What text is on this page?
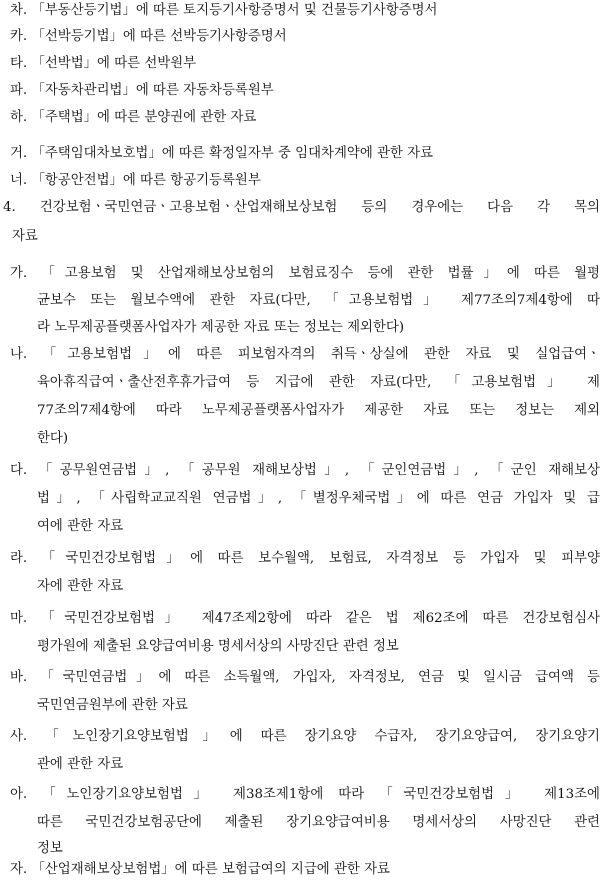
차. 「부동산등기법」에 따른 토지등기사항증명서 및 건물등기사항증명서
카. 「선박등기법」에 따른 선박등기사항증명서
타. 「선박법」에 따른 선박원부
파. 「자동차관리법」에 따른 자동차등록원부
하. 「주택법」에 따른 분양권에 관한 자료
거. 「주택임대차보호법」에 따른 확정일자부 중 임대차계약에 관한 자료
너. 「항공안전법」에 따른 항공기등록원부
4. 건강보험ㆍ국민연금ㆍ고용보험ㆍ산업재해보상보험 등의 경우에는 다음 각 목의
자료
가. 「고용보험 및 산업재해보상보험의 보험료징수 등에 관한 법률」에 따른 월평
균보수 또는 월보수액에 관한 자료(다만, 「고용보험법」 제77조의7제4항에 따
라 노무제공플랫폼사업자가 제공한 자료 또는 정보는 제외한다)
나. 「고용보험법」에 따른 피보험자격의 취득ㆍ상실에 관한 자료 및 실업급여ㆍ
육아휴직급여ㆍ출산전후휴가급여 등 지급에 관한 자료(다만, 「고용보험법」 제
77조의7제4항에 따라 노무제공플랫폼사업자가 제공한 자료 또는 정보는 제외
한다)
다. 「공무원연금법」, 「공무원 재해보상법」, 「군인연금법」, 「군인 재해보상
법」, 「사립학교교직원 연금법」, 「별정우체국법」에 따른 연금 가입자 및 급
여에 관한 자료
라. 「국민건강보험법」에 따른 보수월액, 보험료, 자격정보 등 가입자 및 피부양
자에 관한 자료
마. 「국민건강보험법」 제47조제2항에 따라 같은 법 제62조에 따른 건강보험심사
평가원에 제출된 요양급여비용 명세서상의 사망진단 관련 정보
바. 「국민연금법」에 따른 소득월액, 가입자, 자격정보, 연금 및 일시금 급여액 등
국민연금원부에 관한 자료
사. 「노인장기요양보험법」에 따른 장기요양 수급자, 장기요양급여, 장기요양기
관에 관한 자료
아. 「노인장기요양보험법」 제38조제1항에 따라 「국민건강보험법」 제13조에
따른 국민건강보험공단에 제출된 장기요양급여비용 명세서상의 사망진단 관련
정보
자. 「산업재해보상보험법」에 따른 보험급여의 지급에 관한 자료
